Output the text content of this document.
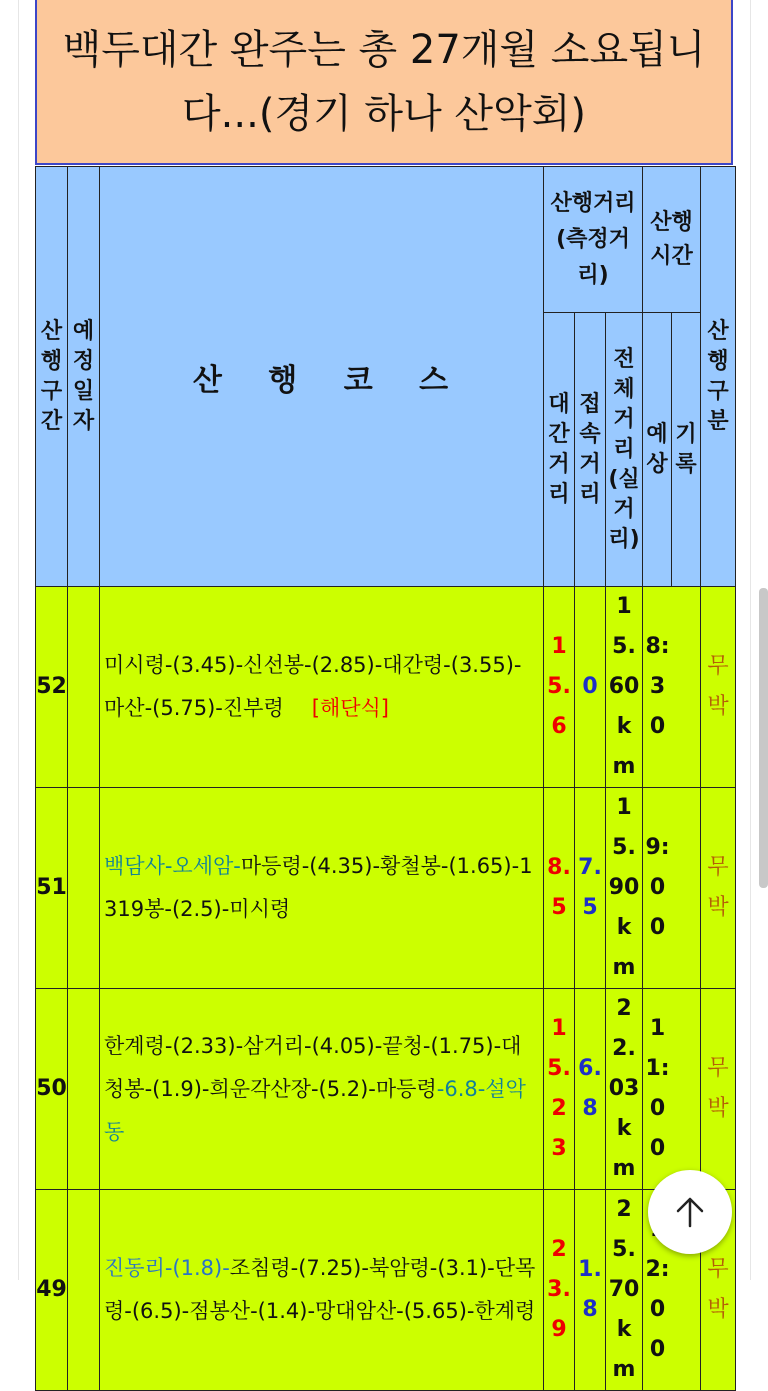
백두대간 완주는 총 27개월 소요됩니다...(경기 하나 산악회)
산행구간	예정일자	산 행 코 스	산행거리(측정거리)			산행시간		산행구분

			대간거리	접속거리	전체거리(실거리)	예상	기록	

52		미시령-(3.45)-신선봉-(2.85)-대간령-(3.55)-마산-(5.75)-진부령 [해단식]	15.6	0	15.60km	8:30		무박

51		백담사-오세암-마등령-(4.35)-황철봉-(1.65)-1319봉-(2.5)-미시령	8.5	7.5	15.90km	9:00		무박

50		한계령-(2.33)-삼거리-(4.05)-끝청-(1.75)-대청봉-(1.9)-희운각산장-(5.2)-마등령-6.8-설악동	15.23	6.8	22.03km	11:00		무박

49		진동리-(1.8)-조침령-(7.25)-북암령-(3.1)-단목령-(6.5)-점봉산-(1.4)-망대암산-(5.65)-한계령	23.9	1.8	25.70km	2:00		무박
